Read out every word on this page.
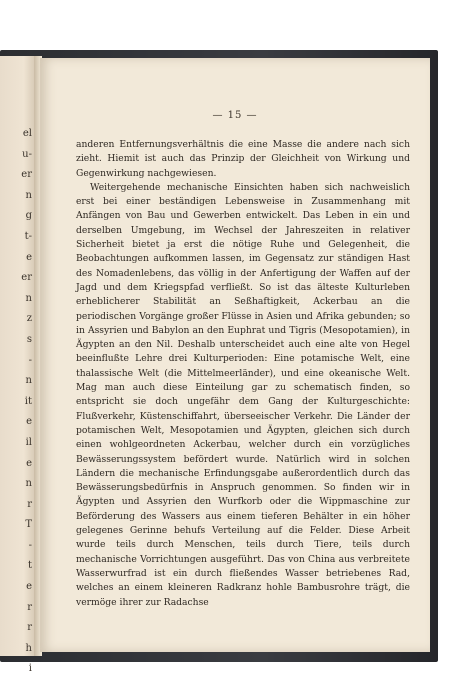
el
u-
er
n
g
t-
e
er
n
z
s
-
n
it
e
il
e
n
r
T
-
t
e
r
r
h
i
— 15 —

anderen Entfernungsverhältnis die eine Masse die andere nach sich zieht. Hiemit ist auch das Prinzip der Gleichheit von Wirkung und Gegenwirkung nachgewiesen.

Weitergehende mechanische Einsichten haben sich nachweislich erst bei einer beständigen Lebensweise in Zusammenhang mit Anfängen von Bau und Gewerben entwickelt. Das Leben in ein und derselben Umgebung, im Wechsel der Jahreszeiten in relativer Sicherheit bietet ja erst die nötige Ruhe und Gelegenheit, die Beobachtungen aufkommen lassen, im Gegensatz zur ständigen Hast des Nomadenlebens, das völlig in der Anfertigung der Waffen auf der Jagd und dem Kriegspfad verfließt. So ist das älteste Kulturleben erheblicherer Stabilität an Seßhaftigkeit, Ackerbau an die periodischen Vorgänge großer Flüsse in Asien und Afrika gebunden; so in Assyrien und Babylon an den Euphrat und Tigris (Mesopotamien), in Ägypten an den Nil. Deshalb unterscheidet auch eine alte von Hegel beeinflußte Lehre drei Kulturperioden: Eine potamische Welt, eine thalassische Welt (die Mittelmeerländer), und eine okeanische Welt. Mag man auch diese Einteilung gar zu schematisch finden, so entspricht sie doch ungefähr dem Gang der Kulturgeschichte: Flußverkehr, Küstenschiffahrt, überseeischer Verkehr. Die Länder der potamischen Welt, Mesopotamien und Ägypten, gleichen sich durch einen wohlgeordneten Ackerbau, welcher durch ein vorzügliches Bewässerungssystem befördert wurde. Natürlich wird in solchen Ländern die mechanische Erfindungsgabe außerordentlich durch das Bewässerungsbedürfnis in Anspruch genommen. So finden wir in Ägypten und Assyrien den Wurfkorb oder die Wippmaschine zur Beförderung des Wassers aus einem tieferen Behälter in ein höher gelegenes Gerinne behufs Verteilung auf die Felder. Diese Arbeit wurde teils durch Menschen, teils durch Tiere, teils durch mechanische Vorrichtungen ausgeführt. Das von China aus verbreitete Wasserwurfrad ist ein durch fließendes Wasser betriebenes Rad, welches an einem kleineren Radkranz hohle Bambusrohre trägt, die vermöge ihrer zur Radachse
